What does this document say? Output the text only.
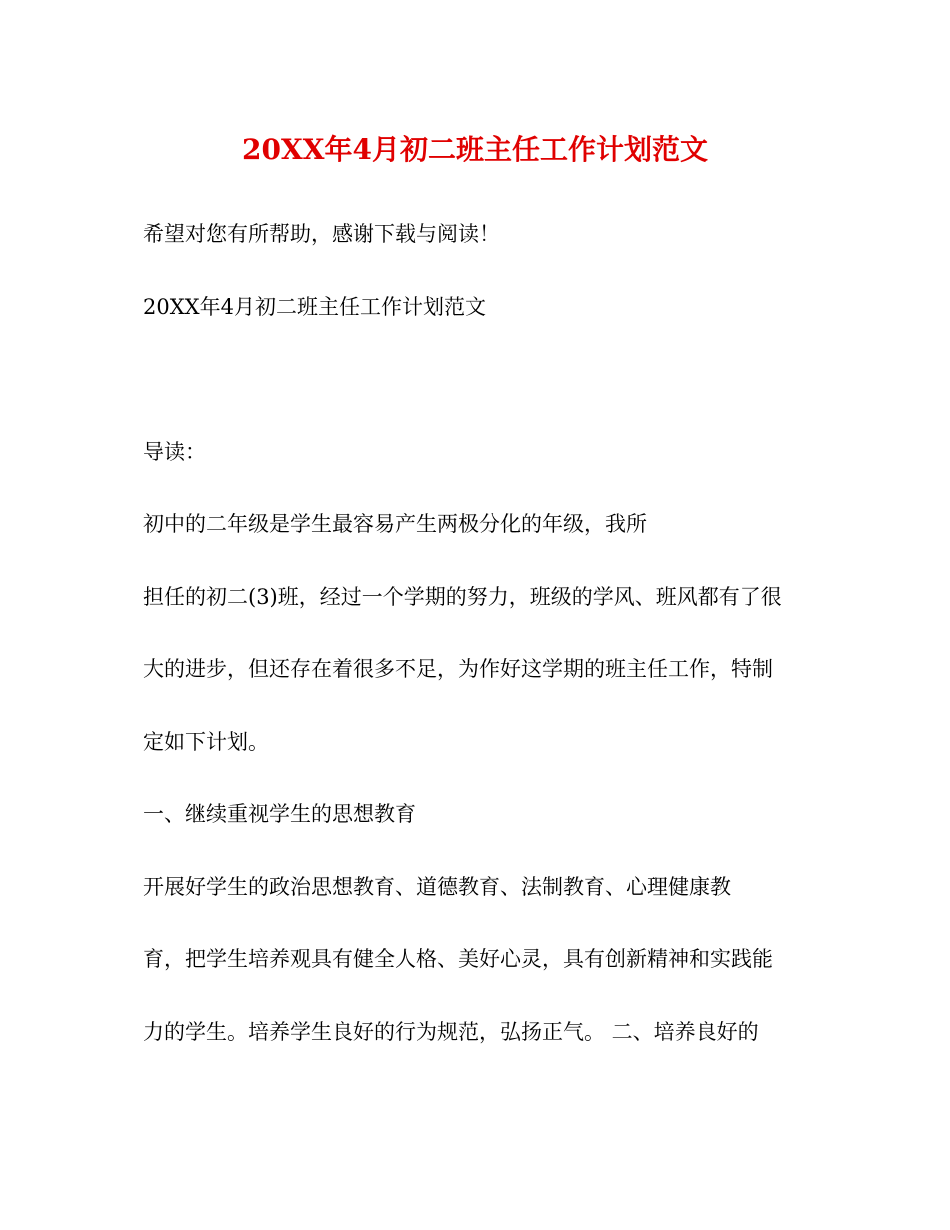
20XX年4月初二班主任工作计划范文
希望对您有所帮助，感谢下载与阅读！
20XX年4月初二班主任工作计划范文
导读：
初中的二年级是学生最容易产生两极分化的年级，我所
担任的初二(3)班，经过一个学期的努力，班级的学风、班风都有了很
大的进步，但还存在着很多不足，为作好这学期的班主任工作，特制
定如下计划。
一、继续重视学生的思想教育
开展好学生的政治思想教育、道德教育、法制教育、心理健康教
育，把学生培养观具有健全人格、美好心灵，具有创新精神和实践能
力的学生。培养学生良好的行为规范，弘扬正气。 二、培养良好的
